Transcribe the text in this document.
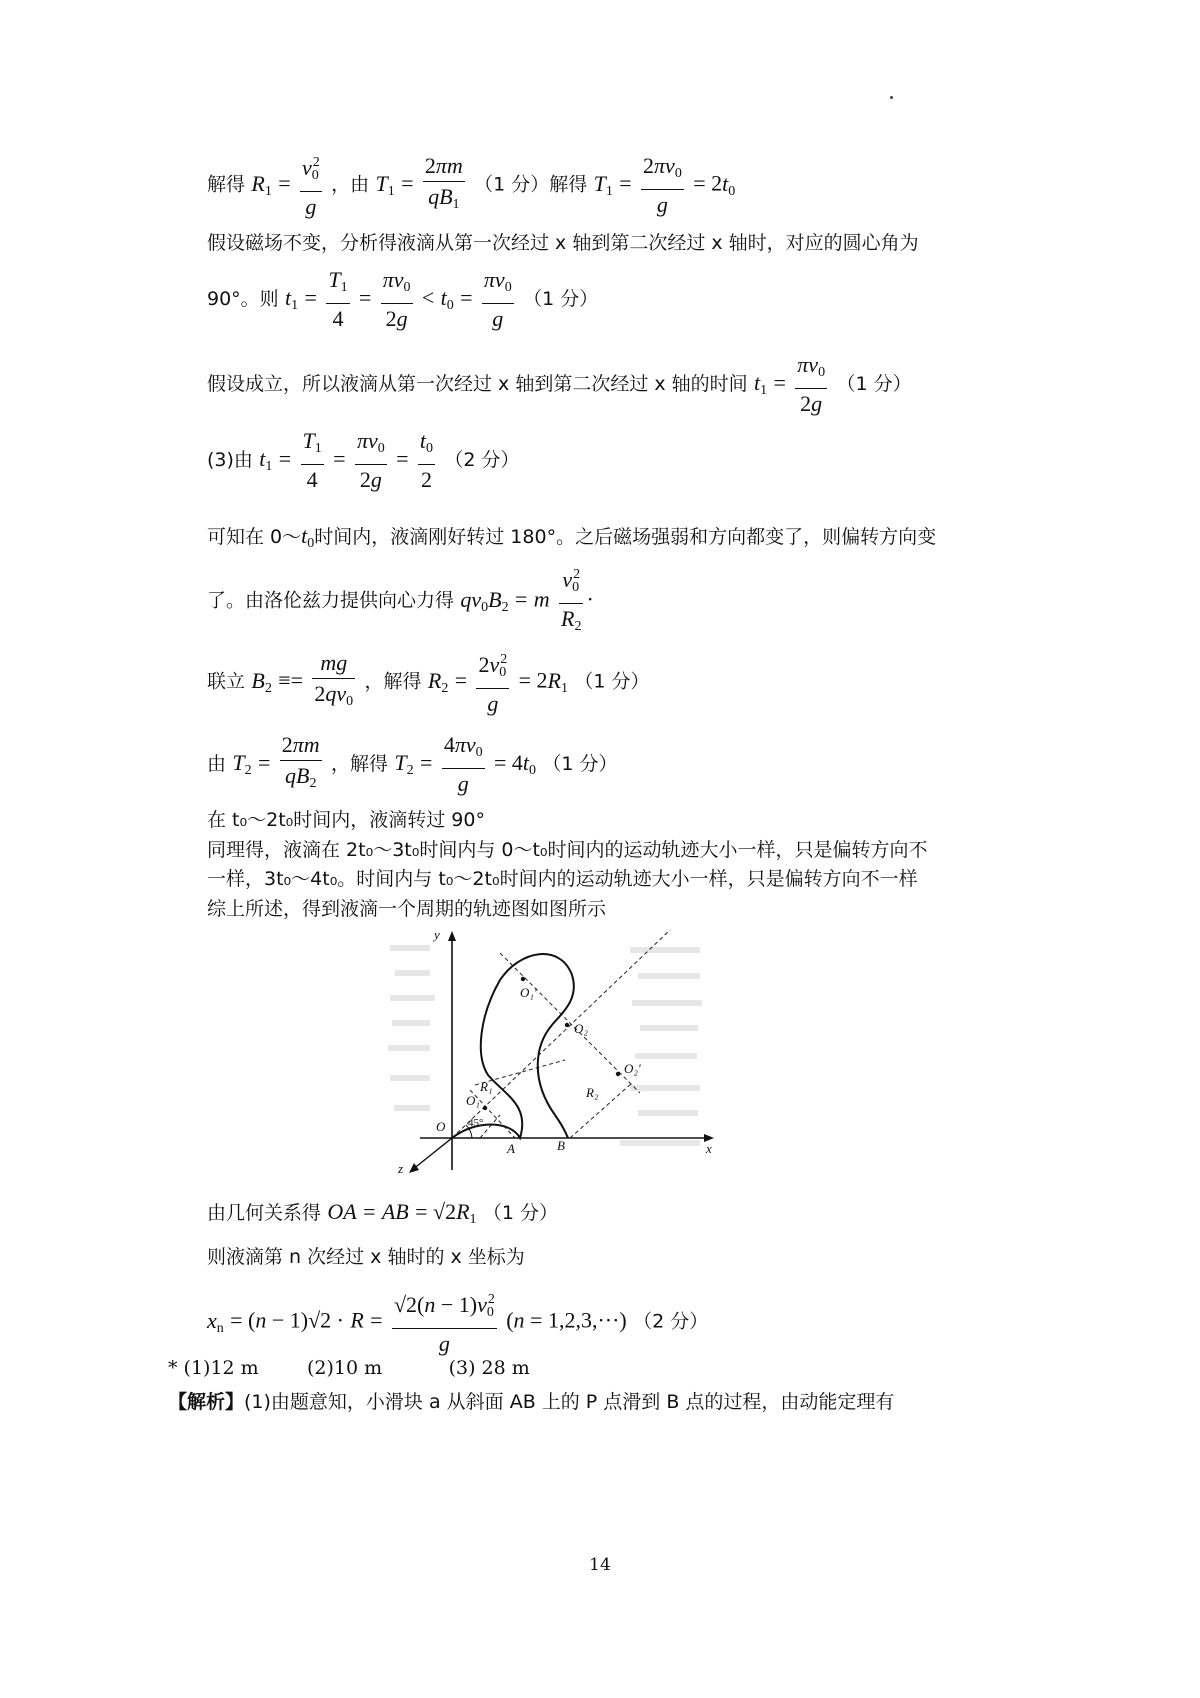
解得 $R_1 = \frac{v_0^2}{g}$ ，由 $T_1 = \frac{2\pi m}{qB_1} (1$ 分）解得 $T_1 = \frac{2\pi v_0}{g} = 2t_0$
假设磁场不变，分析得液滴从第一次经过 x 轴到第二次经过 x 轴时，对应的圆心角为
90°。则 $t_1 = \frac{T_1}{4} = \frac{\pi v_0}{2g} < t_0 = \frac{\pi v_0}{g} (1$ 分）
假设成立，所以液滴从第一次经过 x 轴到第二次经过 x 轴的时间 $t_1 = \frac{\pi v_0}{2g} (1$ 分）
(3)由 $t_1 = \frac{T_1}{4} = \frac{\pi v_0}{2g} = \frac{t_0}{2} (2$ 分）
可知在 $0\sim t_0$时间内，液滴刚好转过 180°。之后磁场强弱和方向都变了，则偏转方向变
了。由洛伦兹力提供向心力得 $qv_0B_2 = m \frac{v_0^2}{R_2}$ ·
联立 $B_2 \equiv= \frac{mg}{2qv_0}$ ，解得 $R_2 = \frac{2v_0^2}{g} = 2R_1$ （1 分）
由 $T_2 = \frac{2\pi m}{qB_2}$ ，解得 $T_2 = \frac{4\pi v_0}{g} = 4t_0$ （1 分）
在 t₀～2t₀时间内，液滴转过 90°
同理得，液滴在 2t₀～3t₀时间内与 0～t₀时间内的运动轨迹大小一样，只是偏转方向不
一样，3t₀～4t₀。时间内与 t₀～2t₀时间内的运动轨迹大小一样，只是偏转方向不一样
综上所述，得到液滴一个周期的轨迹图如图所示
y
x
z
O
A	B
O₁'
O₂
O₂'
O₁
R₁	R₂
45°
由几何关系得 OA = AB = $√2R_1$ （1 分）
则液滴第 n 次经过 x 轴时的 x 坐标为
$x_n = (n - 1)√2 \cdot R = \frac{√2(n - 1)v_0^2}{g} (n = 1,2,3,\cdot\cdot\cdot)$ （2 分）
* (1)12 m        (2)10 m           (3) 28 m
【解析】(1)由题意知，小滑块 a 从斜面 AB 上的 P 点滑到 B 点的过程，由动能定理有
14
